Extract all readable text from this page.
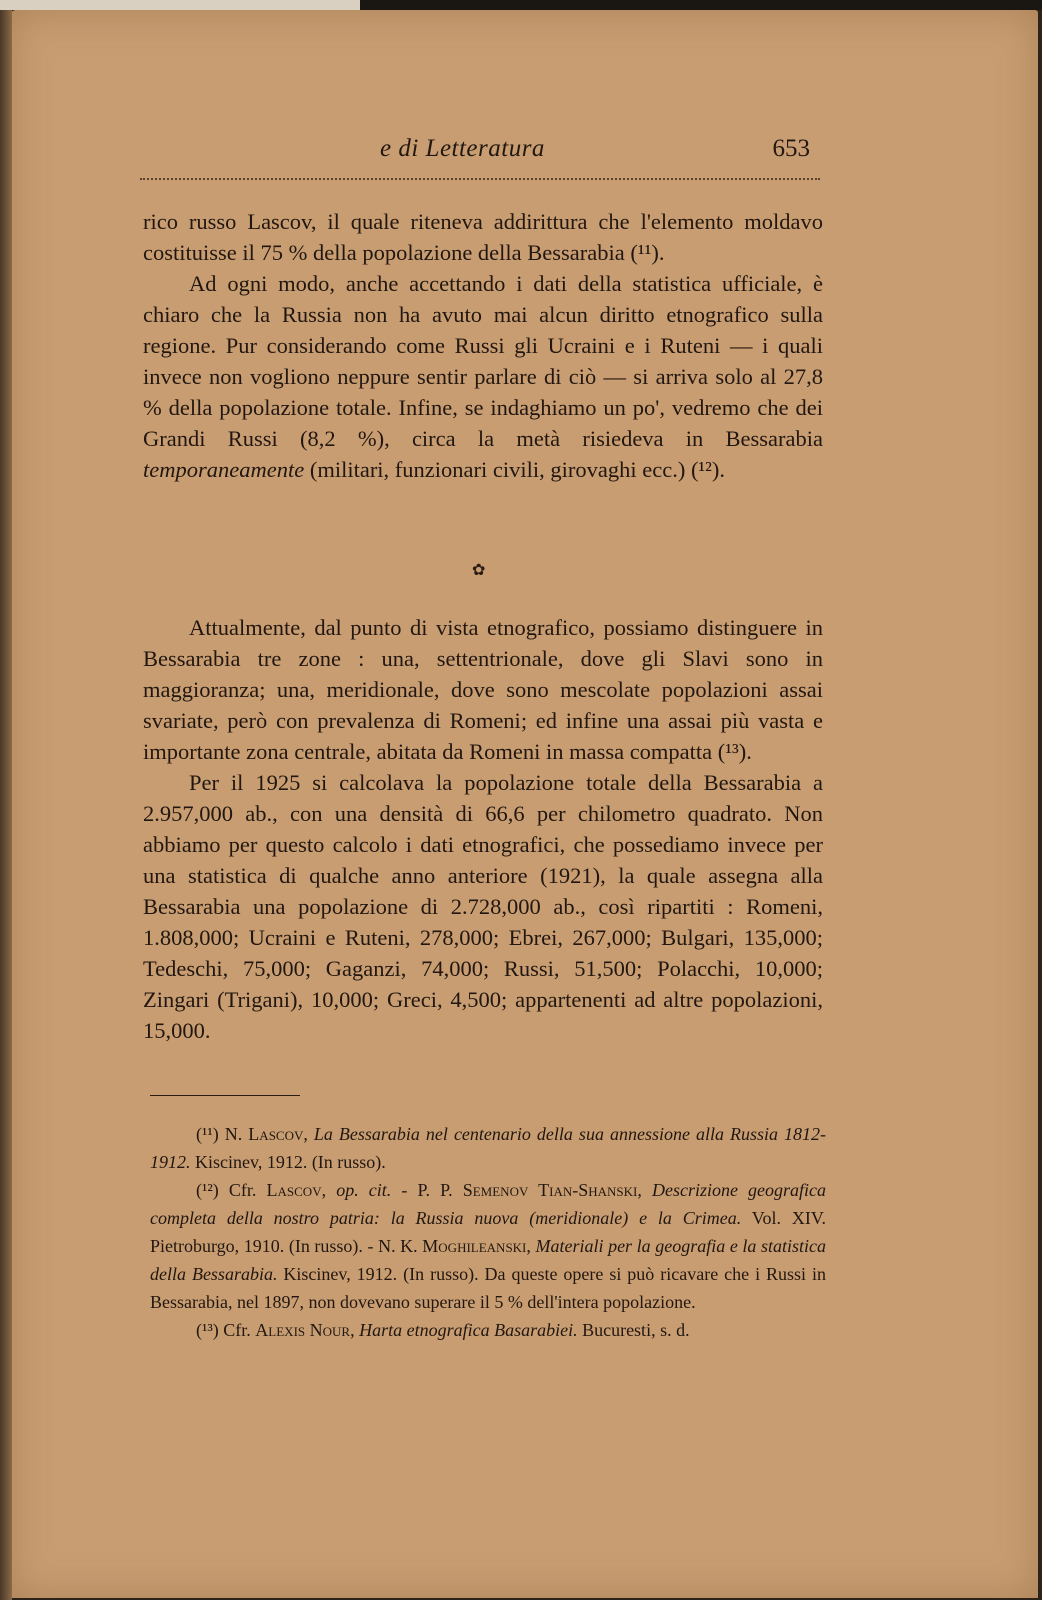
e di Letteratura	653

rico russo Lascov, il quale riteneva addirittura che l'elemento moldavo costituisse il 75 % della popolazione della Bessarabia (¹¹).

Ad ogni modo, anche accettando i dati della statistica ufficiale, è chiaro che la Russia non ha avuto mai alcun diritto etnografico sulla regione. Pur considerando come Russi gli Ucraini e i Ruteni — i quali invece non vogliono neppure sentir parlare di ciò — si arriva solo al 27,8 % della popolazione totale. Infine, se indaghiamo un po', vedremo che dei Grandi Russi (8,2 %), circa la metà risiedeva in Bessarabia temporaneamente (militari, funzionari civili, girovaghi ecc.) (¹²).

✿

Attualmente, dal punto di vista etnografico, possiamo distinguere in Bessarabia tre zone : una, settentrionale, dove gli Slavi sono in maggioranza; una, meridionale, dove sono mescolate popolazioni assai svariate, però con prevalenza di Romeni; ed infine una assai più vasta e importante zona centrale, abitata da Romeni in massa compatta (¹³).

Per il 1925 si calcolava la popolazione totale della Bessarabia a 2.957,000 ab., con una densità di 66,6 per chilometro quadrato. Non abbiamo per questo calcolo i dati etnografici, che possediamo invece per una statistica di qualche anno anteriore (1921), la quale assegna alla Bessarabia una popolazione di 2.728,000 ab., così ripartiti : Romeni, 1.808,000; Ucraini e Ruteni, 278,000; Ebrei, 267,000; Bulgari, 135,000; Tedeschi, 75,000; Gaganzi, 74,000; Russi, 51,500; Polacchi, 10,000; Zingari (Trigani), 10,000; Greci, 4,500; appartenenti ad altre popolazioni, 15,000.

(¹¹) N. Lascov, La Bessarabia nel centenario della sua annessione alla Russia 1812-1912. Kiscinev, 1912. (In russo).

(¹²) Cfr. Lascov, op. cit. - P. P. Semenov Tian-Shanski, Descrizione geografica completa della nostro patria: la Russia nuova (meridionale) e la Crimea. Vol. XIV. Pietroburgo, 1910. (In russo). - N. K. Moghileanski, Materiali per la geografia e la statistica della Bessarabia. Kiscinev, 1912. (In russo). Da queste opere si può ricavare che i Russi in Bessarabia, nel 1897, non dovevano superare il 5 % dell'intera popolazione.

(¹³) Cfr. Alexis Nour, Harta etnografica Basarabiei. Bucuresti, s. d.
